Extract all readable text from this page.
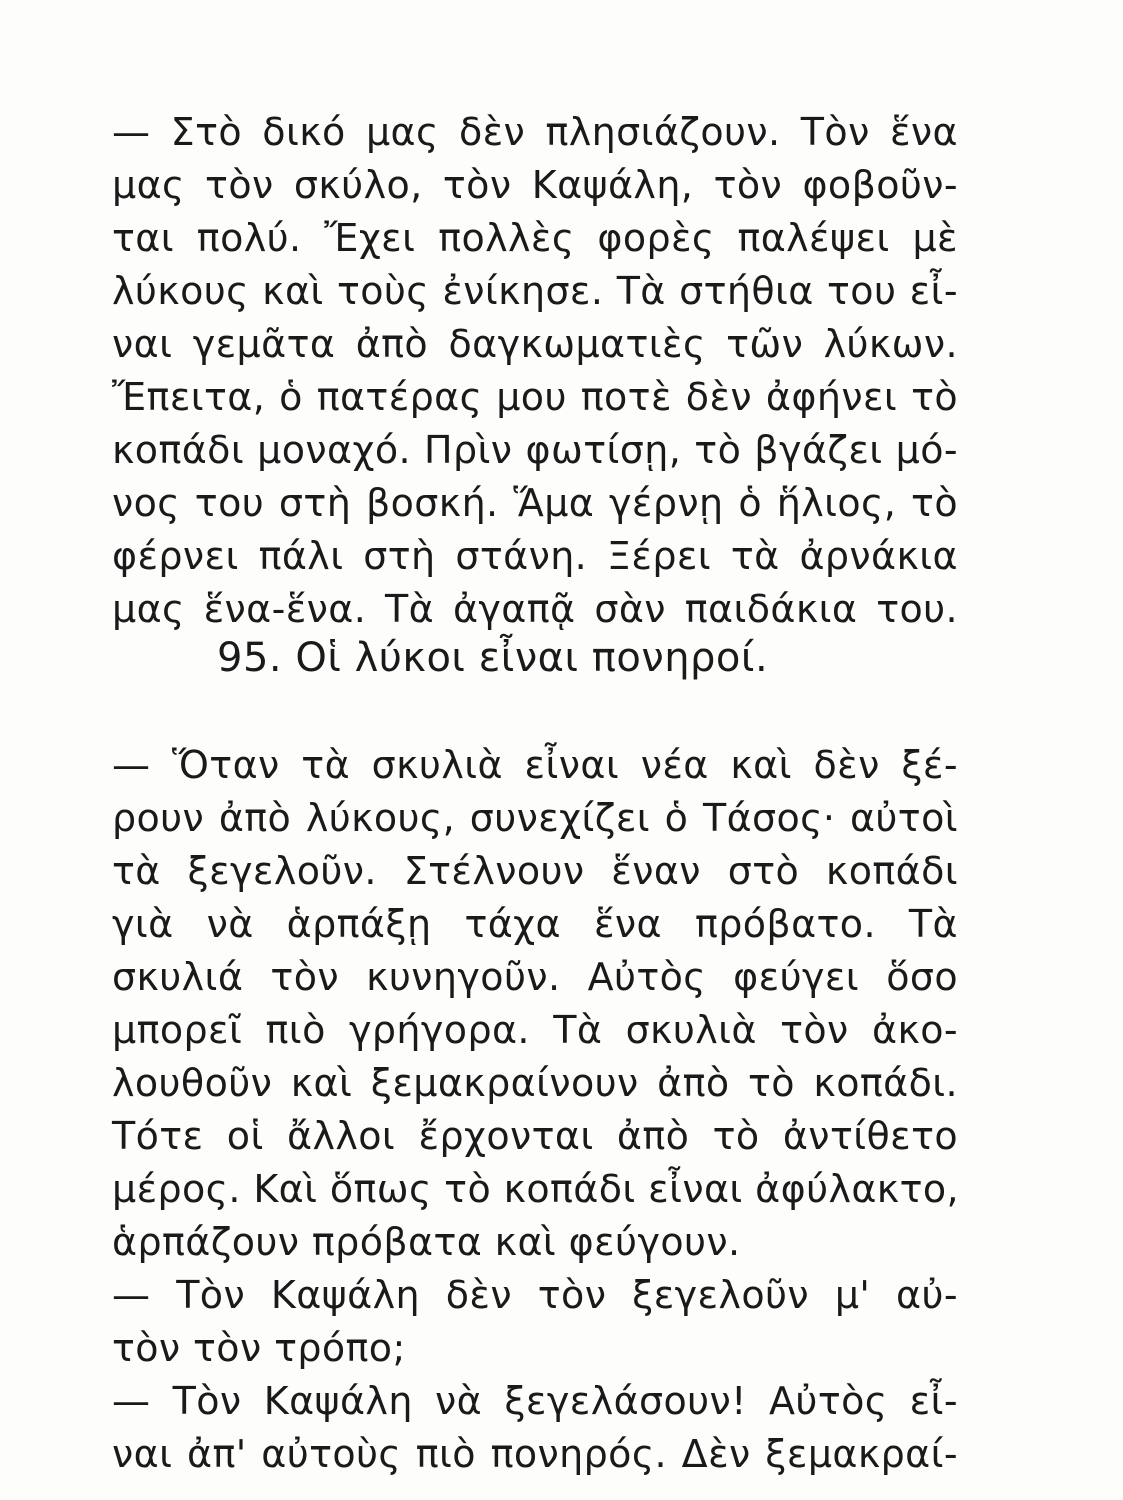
— Στὸ δικό μας δὲν πλησιάζουν. Τὸν ἕνα
μας τὸν σκύλο, τὸν Καψάλη, τὸν φοβοῦν-
ται πολύ. Ἔχει πολλὲς φορὲς παλέψει μὲ
λύκους καὶ τοὺς ἐνίκησε. Τὰ στήθια του εἶ-
ναι γεμᾶτα ἀπὸ δαγκωματιὲς τῶν λύκων.
Ἔπειτα, ὁ πατέρας μου ποτὲ δὲν ἀφήνει τὸ
κοπάδι μοναχό. Πρὶν φωτίσῃ, τὸ βγάζει μό-
νος του στὴ βοσκή. Ἅμα γέρνῃ ὁ ἥλιος, τὸ
φέρνει πάλι στὴ στάνη. Ξέρει τὰ ἀρνάκια
μας ἕνα-ἕνα. Τὰ ἀγαπᾷ σὰν παιδάκια του.
95. Οἱ λύκοι εἶναι πονηροί.
— Ὅταν τὰ σκυλιὰ εἶναι νέα καὶ δὲν ξέ-
ρουν ἀπὸ λύκους, συνεχίζει ὁ Τάσος· αὐτοὶ
τὰ ξεγελοῦν. Στέλνουν ἕναν στὸ κοπάδι
γιὰ νὰ ἁρπάξῃ τάχα ἕνα πρόβατο. Τὰ
σκυλιά τὸν κυνηγοῦν. Αὐτὸς φεύγει ὅσο
μπορεῖ πιὸ γρήγορα. Τὰ σκυλιὰ τὸν ἀκο-
λουθοῦν καὶ ξεμακραίνουν ἀπὸ τὸ κοπάδι.
Τότε οἱ ἄλλοι ἔρχονται ἀπὸ τὸ ἀντίθετο
μέρος. Καὶ ὅπως τὸ κοπάδι εἶναι ἀφύλακτο,
ἁρπάζουν πρόβατα καὶ φεύγουν.
— Τὸν Καψάλη δὲν τὸν ξεγελοῦν μ' αὐ-
τὸν τὸν τρόπο;
— Τὸν Καψάλη νὰ ξεγελάσουν! Αὐτὸς εἶ-
ναι ἀπ' αὐτοὺς πιὸ πονηρός. Δὲν ξεμακραί-
